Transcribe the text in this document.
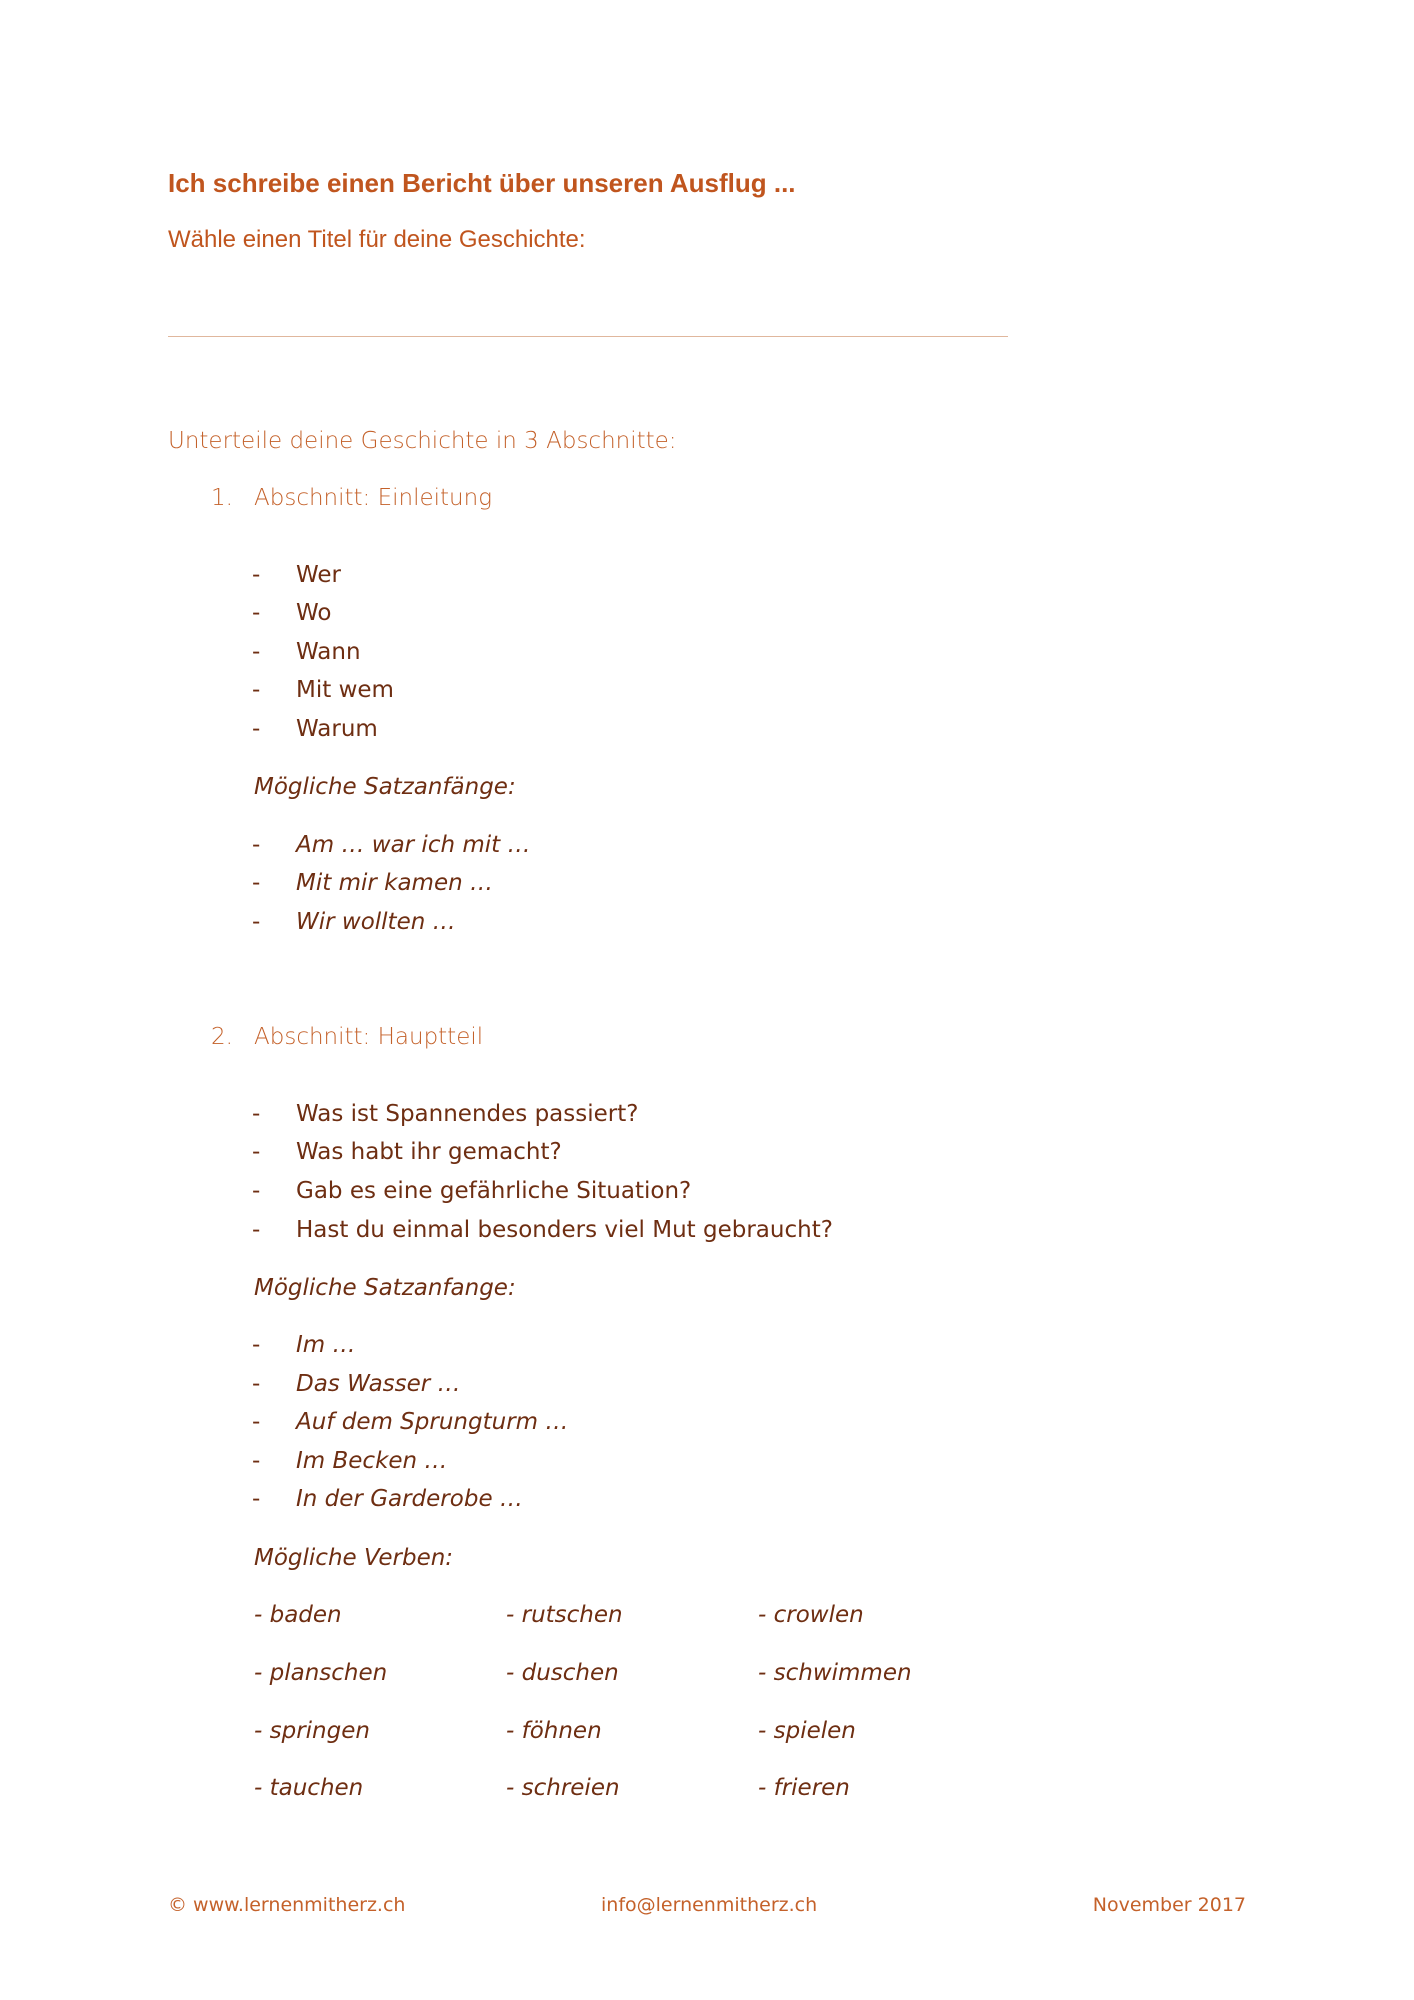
Ich schreibe einen Bericht über unseren Ausflug ...
Wähle einen Titel für deine Geschichte:
Unterteile deine Geschichte in 3 Abschnitte:
1. Abschnitt: Einleitung
- Wer
- Wo
- Wann
- Mit wem
- Warum
Mögliche Satzanfänge:
- Am … war ich mit …
- Mit mir kamen …
- Wir wollten …
2. Abschnitt: Hauptteil
- Was ist Spannendes passiert?
- Was habt ihr gemacht?
- Gab es eine gefährliche Situation?
- Hast du einmal besonders viel Mut gebraucht?
Mögliche Satzanfange:
- Im …
- Das Wasser …
- Auf dem Sprungturm …
- Im Becken …
- In der Garderobe …
Mögliche Verben:
- baden	- rutschen	- crowlen
- planschen	- duschen	- schwimmen
- springen	- föhnen	- spielen
- tauchen	- schreien	- frieren
© www.lernenmitherz.ch	info@lernenmitherz.ch	November 2017
